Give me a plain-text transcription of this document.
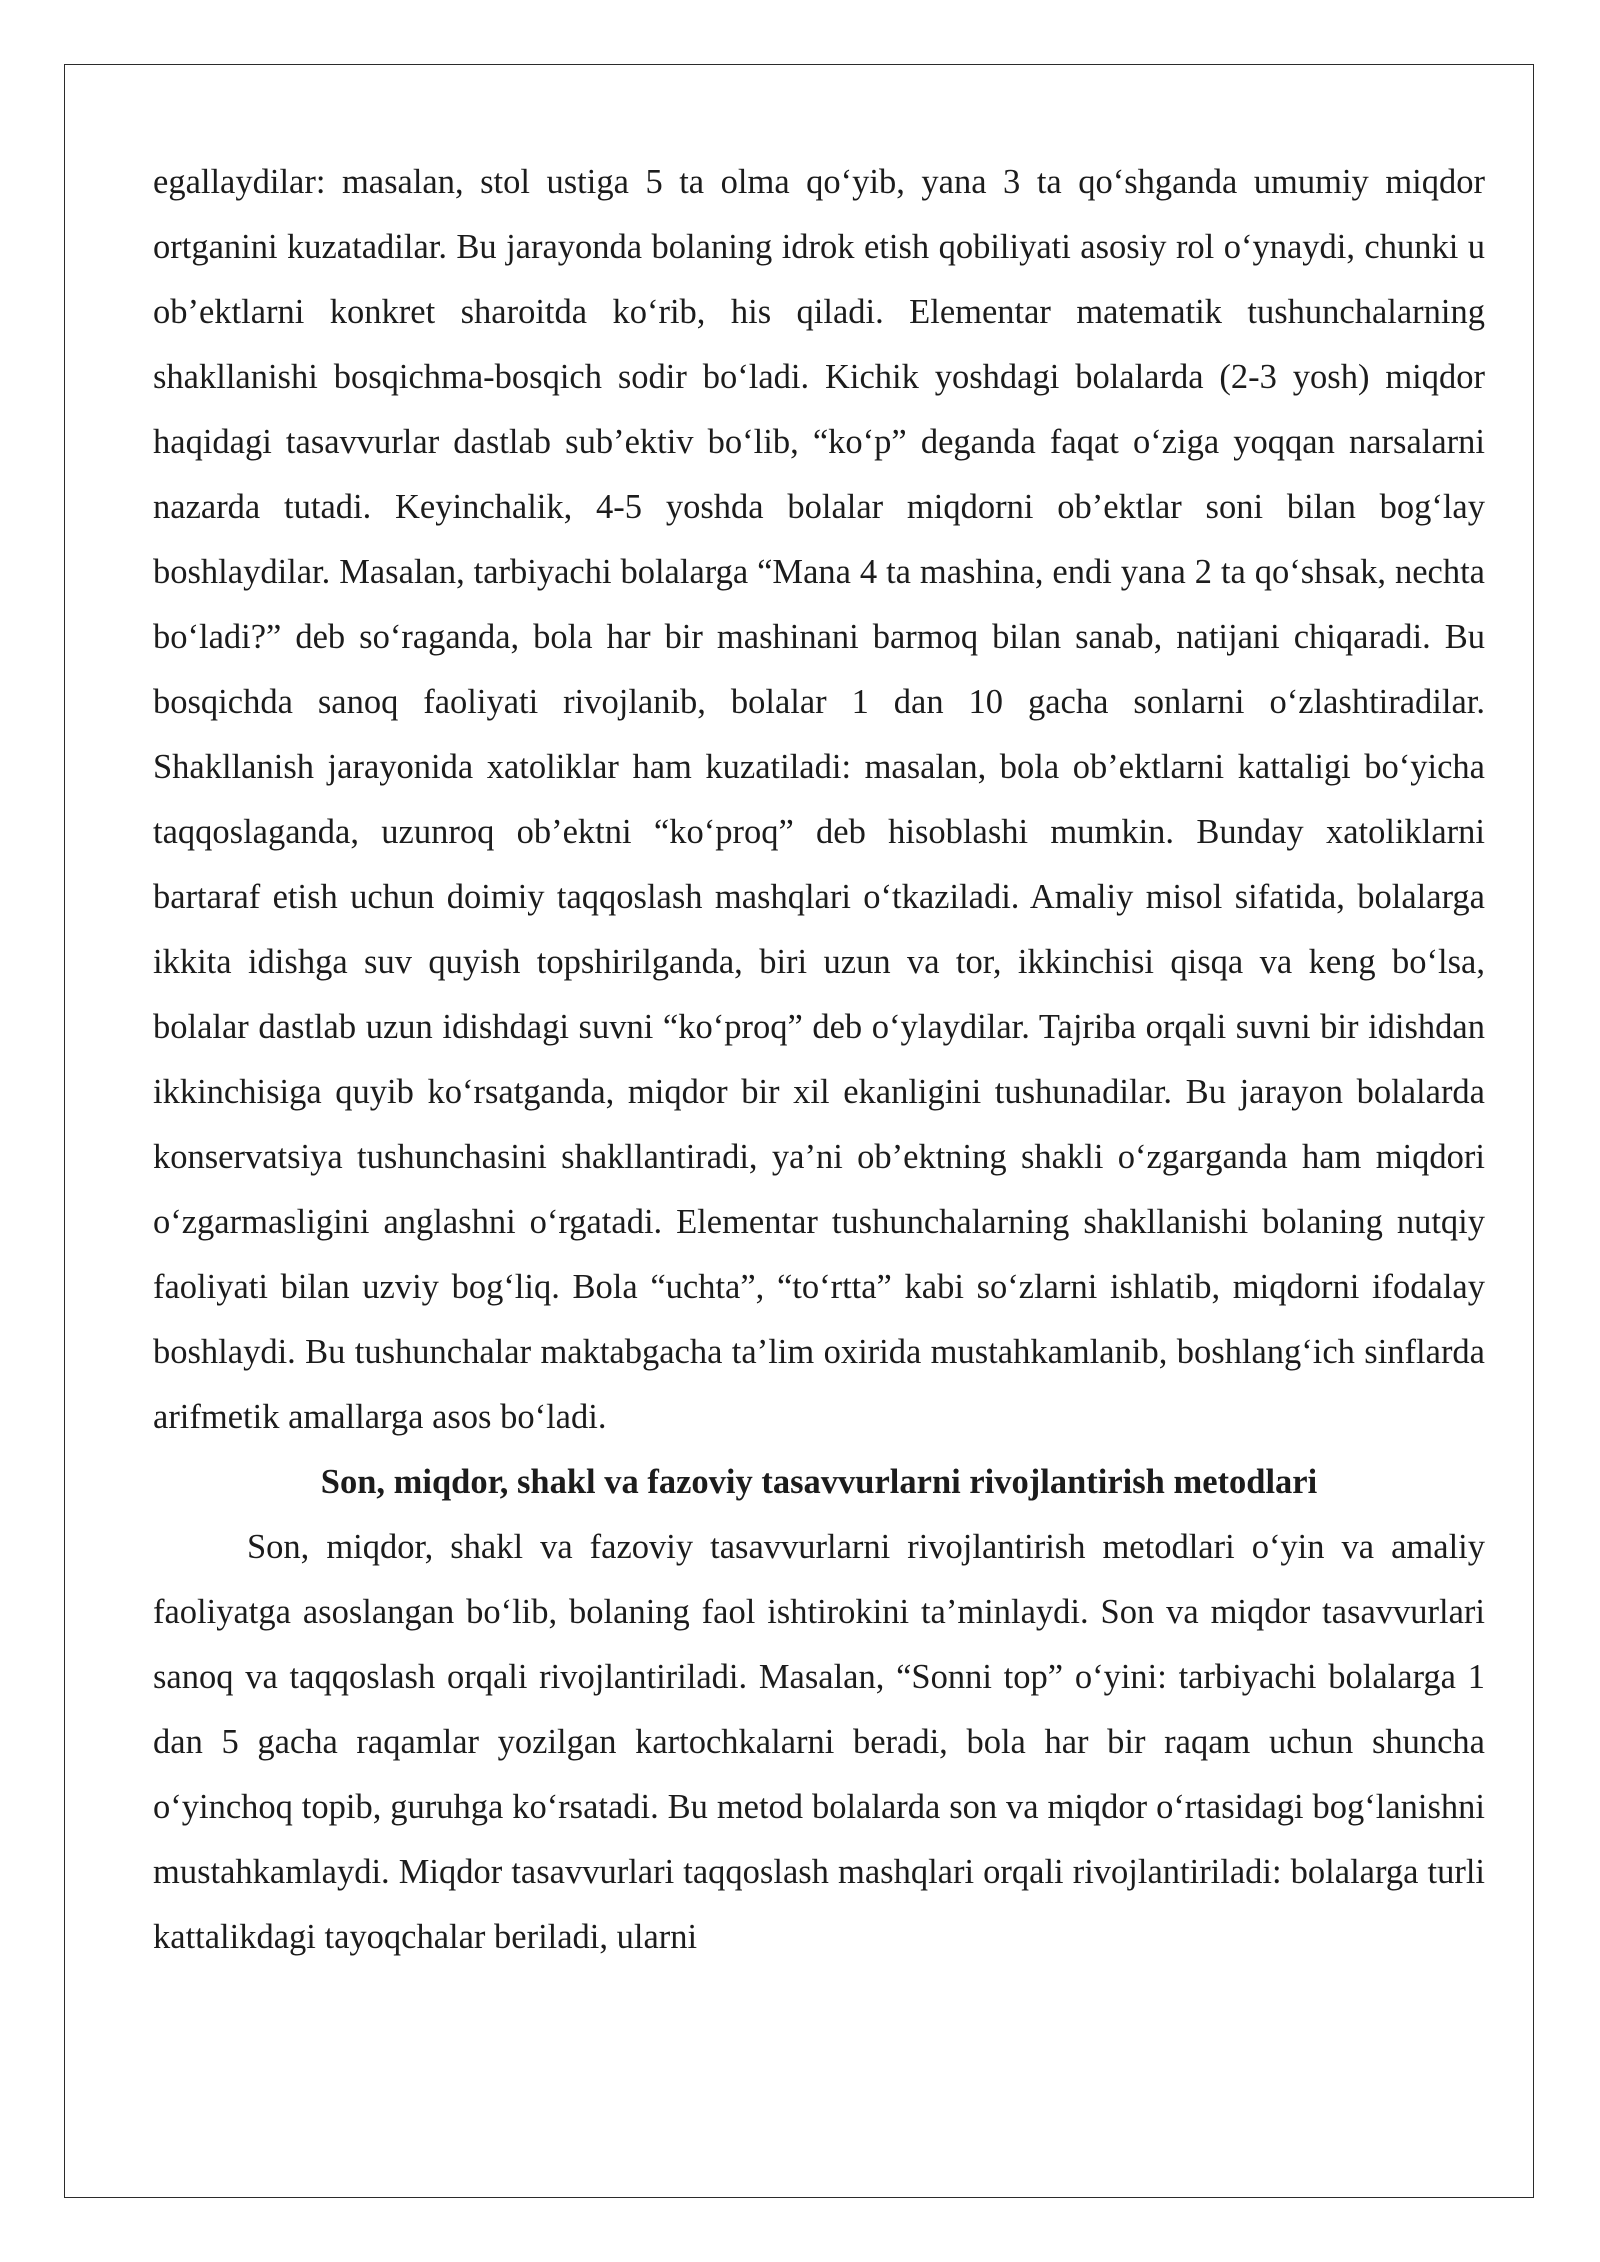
egallaydilar: masalan, stol ustiga 5 ta olma qo‘yib, yana 3 ta qo‘shganda umumiy miqdor ortganini kuzatadilar. Bu jarayonda bolaning idrok etish qobiliyati asosiy rol o‘ynaydi, chunki u ob’ektlarni konkret sharoitda ko‘rib, his qiladi. Elementar matematik tushunchalarning shakllanishi bosqichma-bosqich sodir bo‘ladi. Kichik yoshdagi bolalarda (2-3 yosh) miqdor haqidagi tasavvurlar dastlab sub’ektiv bo‘lib, “ko‘p” deganda faqat o‘ziga yoqqan narsalarni nazarda tutadi. Keyinchalik, 4-5 yoshda bolalar miqdorni ob’ektlar soni bilan bog‘lay boshlaydilar. Masalan, tarbiyachi bolalarga “Mana 4 ta mashina, endi yana 2 ta qo‘shsak, nechta bo‘ladi?” deb so‘raganda, bola har bir mashinani barmoq bilan sanab, natijani chiqaradi. Bu bosqichda sanoq faoliyati rivojlanib, bolalar 1 dan 10 gacha sonlarni o‘zlashtiradilar. Shakllanish jarayonida xatoliklar ham kuzatiladi: masalan, bola ob’ektlarni kattaligi bo‘yicha taqqoslaganda, uzunroq ob’ektni “ko‘proq” deb hisoblashi mumkin. Bunday xatoliklarni bartaraf etish uchun doimiy taqqoslash mashqlari o‘tkaziladi. Amaliy misol sifatida, bolalarga ikkita idishga suv quyish topshirilganda, biri uzun va tor, ikkinchisi qisqa va keng bo‘lsa, bolalar dastlab uzun idishdagi suvni “ko‘proq” deb o‘ylaydilar. Tajriba orqali suvni bir idishdan ikkinchisiga quyib ko‘rsatganda, miqdor bir xil ekanligini tushunadilar. Bu jarayon bolalarda konservatsiya tushunchasini shakllantiradi, ya’ni ob’ektning shakli o‘zgarganda ham miqdori o‘zgarmasligini anglashni o‘rgatadi. Elementar tushunchalarning shakllanishi bolaning nutqiy faoliyati bilan uzviy bog‘liq. Bola “uchta”, “to‘rtta” kabi so‘zlarni ishlatib, miqdorni ifodalay boshlaydi. Bu tushunchalar maktabgacha ta’lim oxirida mustahkamlanib, boshlang‘ich sinflarda arifmetik amallarga asos bo‘ladi.

Son, miqdor, shakl va fazoviy tasavvurlarni rivojlantirish metodlari

Son, miqdor, shakl va fazoviy tasavvurlarni rivojlantirish metodlari o‘yin va amaliy faoliyatga asoslangan bo‘lib, bolaning faol ishtirokini ta’minlaydi. Son va miqdor tasavvurlari sanoq va taqqoslash orqali rivojlantiriladi. Masalan, “Sonni top” o‘yini: tarbiyachi bolalarga 1 dan 5 gacha raqamlar yozilgan kartochkalarni beradi, bola har bir raqam uchun shuncha o‘yinchoq topib, guruhga ko‘rsatadi. Bu metod bolalarda son va miqdor o‘rtasidagi bog‘lanishni mustahkamlaydi. Miqdor tasavvurlari taqqoslash mashqlari orqali rivojlantiriladi: bolalarga turli kattalikdagi tayoqchalar beriladi, ularni
